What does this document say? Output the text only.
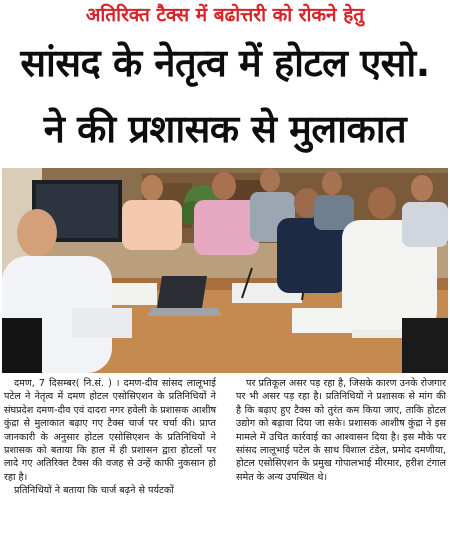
अतिरिक्त टैक्स में बढोत्तरी को रोकने हेतु
सांसद के नेतृत्व में होटल एसो.
ने की प्रशासक से मुलाकात

दमण, 7 दिसम्बर( नि.सं. ) । दमण-दीव सांसद लालूभाई पटेल ने नेतृत्व में दमण होटल एसोसिएशन के प्रतिनिधियों ने संघप्रदेश दमण-दीव एवं दादरा नगर हवेली के प्रशासक आशीष कुंद्रा से मुलाकात बढ़ाए गए टैक्स चार्ज पर चर्चा की। प्राप्त जानकारी के अनुसार होटल एसोसिएशन के प्रतिनिधियों ने प्रशासक को बताया कि हाल में ही प्रशासन द्वारा होटलों पर लादे गए अतिरिक्त टैक्स की वजह से उन्हें काफी नुकसान हो रहा है।

प्रतिनिधियों ने बताया कि चार्ज बढ़ने से पर्यटकों

पर प्रतिकूल असर पड़ रहा है, जिसके कारण उनके रोजगार पर भी असर पड़ रहा है। प्रतिनिधियों ने प्रशासक से मांग की है कि बढ़ाए हुए टैक्स को तुरंत कम किया जाए, ताकि होटल उद्योग को बढ़ावा दिया जा सके। प्रशासक आशीष कुंद्रा ने इस मामले में उचित कार्रवाई का आश्वासन दिया है। इस मौके पर सांसद लालूभाई पटेल के साथ विशाल टंडेल, प्रमोद दमणीया, होटल एसोसिएशन के प्रमुख गोपालभाई मीरमार, हरीश टंगाल समेत के अन्य उपस्थित थे।
